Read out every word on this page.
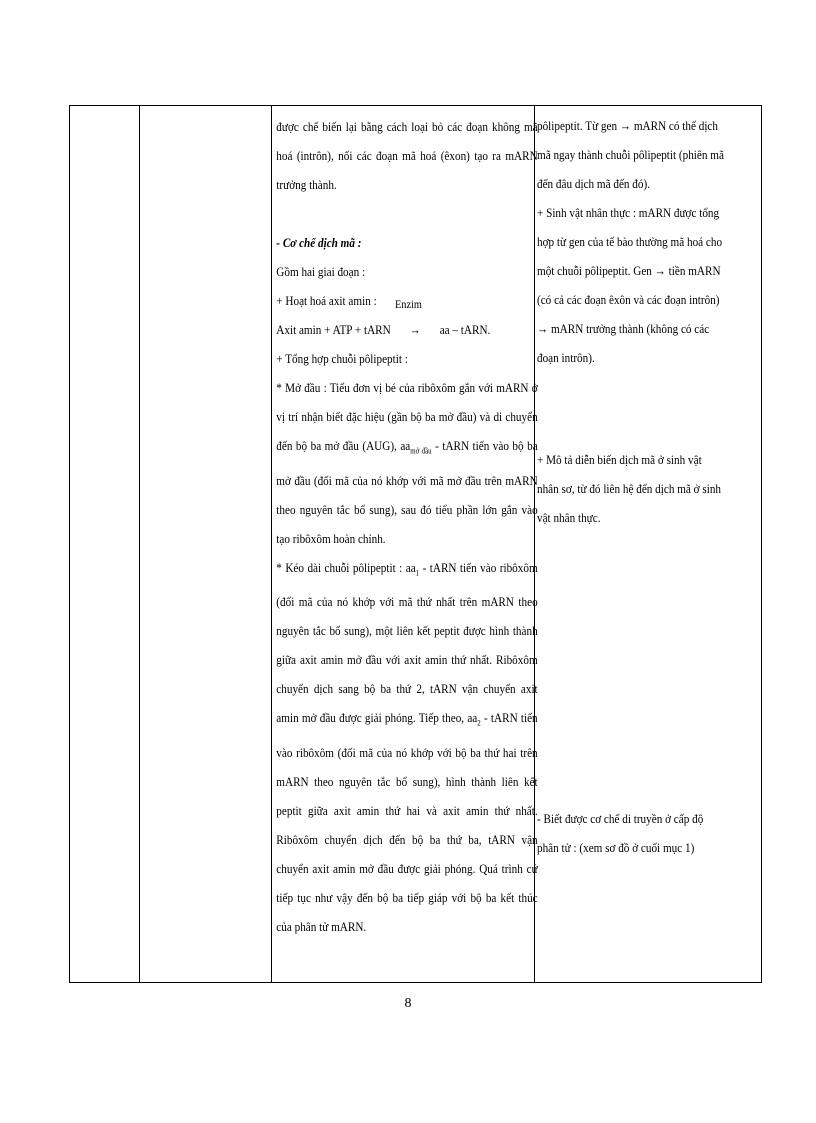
được chế biến lại bằng cách loại bỏ các đoạn không mã hoá (intrôn), nối các đoạn mã hoá (êxon) tạo ra mARN trưởng thành.

- Cơ chế dịch mã :

Gồm hai giai đoạn :

+ Hoạt hoá axit amin :	Enzim
Axit amin + ATP + tARN → aa – tARN.

+ Tổng hợp chuỗi pôlipeptit :

* Mở đầu : Tiểu đơn vị bé của ribôxôm gắn với mARN ở vị trí nhận biết đặc hiệu (gần bộ ba mở đầu) và di chuyển đến bộ ba mở đầu (AUG), $aa_{mở đầu}$ - tARN tiến vào bộ ba mở đầu (đối mã của nó khớp với mã mở đầu trên mARN theo nguyên tắc bổ sung), sau đó tiểu phần lớn gắn vào tạo ribôxôm hoàn chỉnh.

* Kéo dài chuỗi pôlipeptit : $aa_1$ - tARN tiến vào ribôxôm (đối mã của nó khớp với mã thứ nhất trên mARN theo nguyên tắc bổ sung), một liên kết peptit được hình thành giữa axit amin mở đầu với axit amin thứ nhất. Ribôxôm chuyển dịch sang bộ ba thứ 2, tARN vận chuyển axit amin mở đầu được giải phóng. Tiếp theo, $aa_2$ - tARN tiến vào ribôxôm (đối mã của nó khớp với bộ ba thứ hai trên mARN theo nguyên tắc bổ sung), hình thành liên kết peptit giữa axit amin thứ hai và axit amin thứ nhất. Ribôxôm chuyển dịch đến bộ ba thứ ba, tARN vận chuyển axit amin mở đầu được giải phóng. Quá trình cứ tiếp tục như vậy đến bộ ba tiếp giáp với bộ ba kết thúc của phân tử mARN.

pôlipeptit. Từ gen → mARN có thể dịch mã ngay thành chuỗi pôlipeptit (phiên mã đến đâu dịch mã đến đó).

+ Sinh vật nhân thực : mARN được tổng hợp từ gen của tế bào thường mã hoá cho một chuỗi pôlipeptit. Gen → tiền mARN (có cả các đoạn êxôn và các đoạn intrôn) → mARN trưởng thành (không có các đoạn intrôn).

+ Mô tả diễn biến dịch mã ở sinh vật nhân sơ, từ đó liên hệ đến dịch mã ở sinh vật nhân thực.

- Biết được cơ chế di truyền ở cấp độ phân tử : (xem sơ đồ ở cuối mục 1)

8
